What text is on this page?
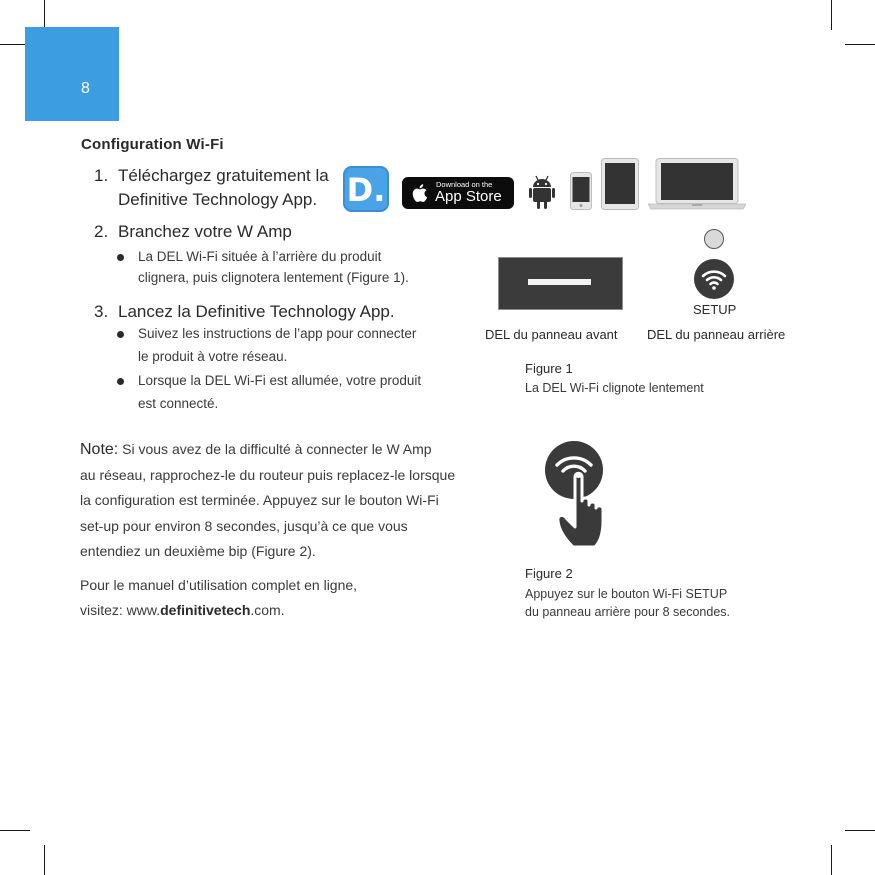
8
Configuration Wi-Fi
1. Téléchargez gratuitement la
Definitive Technology App.
2. Branchez votre W Amp
La DEL Wi-Fi située à l’arrière du produit
clignera, puis clignotera lentement (Figure 1).
3. Lancez la Definitive Technology App.
Suivez les instructions de l’app pour connecter
le produit à votre réseau.
Lorsque la DEL Wi-Fi est allumée, votre produit
est connecté.
D.	Download on the
App Store
SETUP
DEL du panneau avant DEL du panneau arrière
Figure 1
La DEL Wi-Fi clignote lentement
Note: Si vous avez de la difficulté à connecter le W Amp
au réseau, rapprochez-le du routeur puis replacez-le lorsque
la configuration est terminée. Appuyez sur le bouton Wi-Fi
set-up pour environ 8 secondes, jusqu’à ce que vous
entendiez un deuxième bip (Figure 2).
Pour le manuel d’utilisation complet en ligne,
visitez: www.definitivetech.com.
Figure 2
Appuyez sur le bouton Wi-Fi SETUP
du panneau arrière pour 8 secondes.
